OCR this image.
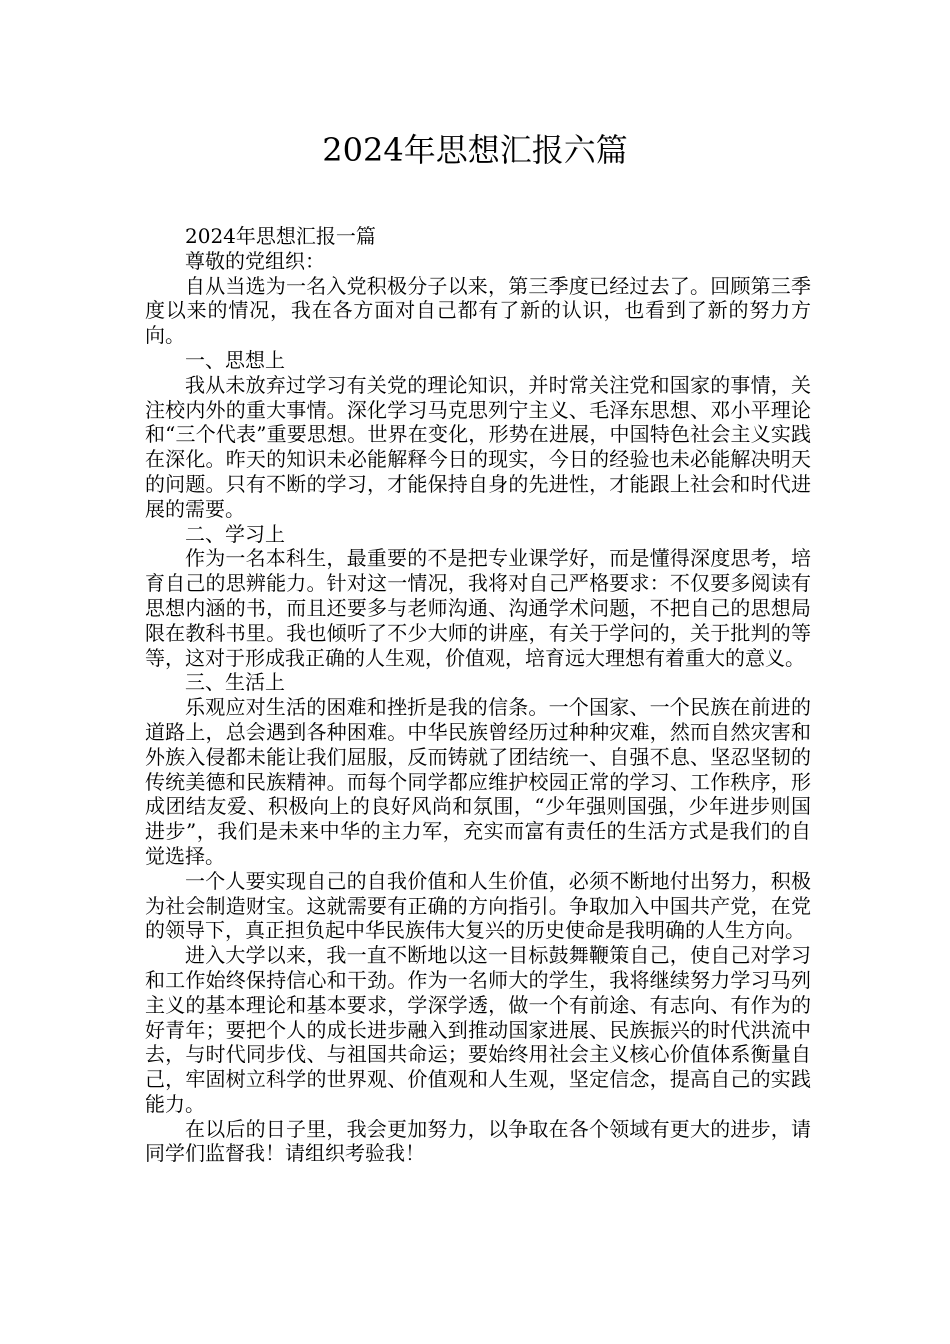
2024年思想汇报六篇

2024年思想汇报一篇

尊敬的党组织：

自从当选为一名入党积极分子以来，第三季度已经过去了。回顾第三季度以来的情况，我在各方面对自己都有了新的认识，也看到了新的努力方向。

一、思想上

我从未放弃过学习有关党的理论知识，并时常关注党和国家的事情，关注校内外的重大事情。深化学习马克思列宁主义、毛泽东思想、邓小平理论和“三个代表”重要思想。世界在变化，形势在进展，中国特色社会主义实践在深化。昨天的知识未必能解释今日的现实，今日的经验也未必能解决明天的问题。只有不断的学习，才能保持自身的先进性，才能跟上社会和时代进展的需要。

二、学习上

作为一名本科生，最重要的不是把专业课学好，而是懂得深度思考，培育自己的思辨能力。针对这一情况，我将对自己严格要求：不仅要多阅读有思想内涵的书，而且还要多与老师沟通、沟通学术问题，不把自己的思想局限在教科书里。我也倾听了不少大师的讲座，有关于学问的，关于批判的等等，这对于形成我正确的人生观，价值观，培育远大理想有着重大的意义。

三、生活上

乐观应对生活的困难和挫折是我的信条。一个国家、一个民族在前进的道路上，总会遇到各种困难。中华民族曾经历过种种灾难，然而自然灾害和外族入侵都未能让我们屈服，反而铸就了团结统一、自强不息、坚忍坚韧的传统美德和民族精神。而每个同学都应维护校园正常的学习、工作秩序，形成团结友爱、积极向上的良好风尚和氛围，“少年强则国强，少年进步则国进步”，我们是未来中华的主力军，充实而富有责任的生活方式是我们的自觉选择。

一个人要实现自己的自我价值和人生价值，必须不断地付出努力，积极为社会制造财宝。这就需要有正确的方向指引。争取加入中国共产党，在党的领导下，真正担负起中华民族伟大复兴的历史使命是我明确的人生方向。

进入大学以来，我一直不断地以这一目标鼓舞鞭策自己，使自己对学习和工作始终保持信心和干劲。作为一名师大的学生，我将继续努力学习马列主义的基本理论和基本要求，学深学透，做一个有前途、有志向、有作为的好青年；要把个人的成长进步融入到推动国家进展、民族振兴的时代洪流中去，与时代同步伐、与祖国共命运；要始终用社会主义核心价值体系衡量自己，牢固树立科学的世界观、价值观和人生观，坚定信念，提高自己的实践能力。

在以后的日子里，我会更加努力，以争取在各个领域有更大的进步，请同学们监督我！请组织考验我！
